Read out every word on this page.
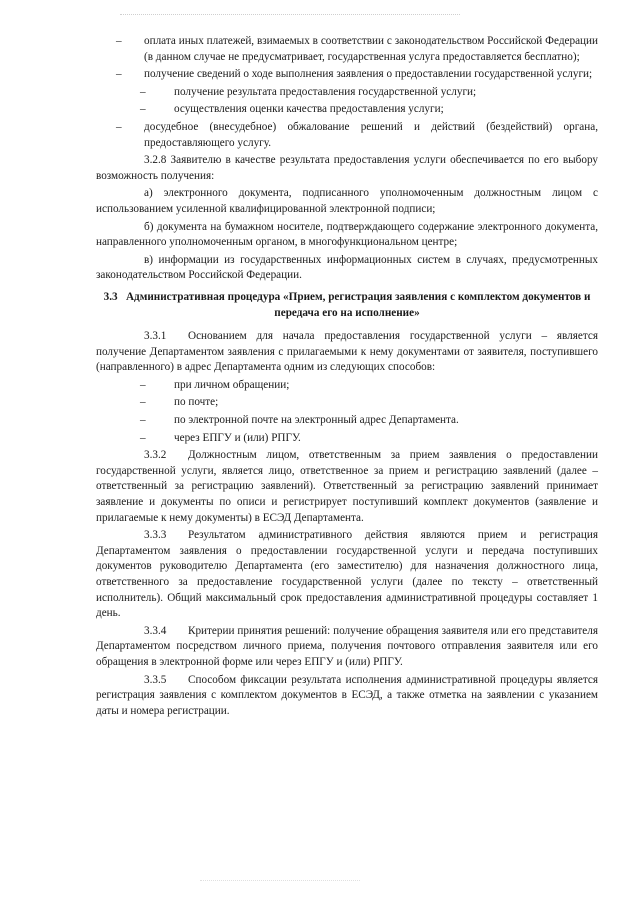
– оплата иных платежей, взимаемых в соответствии с законодательством Российской Федерации (в данном случае не предусматривает, государственная услуга предоставляется бесплатно);

– получение сведений о ходе выполнения заявления о предоставлении государственной услуги;

– получение результата предоставления государственной услуги;

– осуществления оценки качества предоставления услуги;

– досудебное (внесудебное) обжалование решений и действий (бездействий) органа, предоставляющего услугу.

3.2.8 Заявителю в качестве результата предоставления услуги обеспечивается по его выбору возможность получения:

а) электронного документа, подписанного уполномоченным должностным лицом с использованием усиленной квалифицированной электронной подписи;

б) документа на бумажном носителе, подтверждающего содержание электронного документа, направленного уполномоченным органом, в многофункциональном центре;

в) информации из государственных информационных систем в случаях, предусмотренных законодательством Российской Федерации.

3.3 Административная процедура «Прием, регистрация заявления с комплектом документов и передача его на исполнение»

3.3.1 Основанием для начала предоставления государственной услуги – является получение Департаментом заявления с прилагаемыми к нему документами от заявителя, поступившего (направленного) в адрес Департамента одним из следующих способов:

– при личном обращении;

– по почте;

– по электронной почте на электронный адрес Департамента.

– через ЕПГУ и (или) РПГУ.

3.3.2 Должностным лицом, ответственным за прием заявления о предоставлении государственной услуги, является лицо, ответственное за прием и регистрацию заявлений (далее – ответственный за регистрацию заявлений). Ответственный за регистрацию заявлений принимает заявление и документы по описи и регистрирует поступивший комплект документов (заявление и прилагаемые к нему документы) в ЕСЭД Департамента.

3.3.3 Результатом административного действия являются прием и регистрация Департаментом заявления о предоставлении государственной услуги и передача поступивших документов руководителю Департамента (его заместителю) для назначения должностного лица, ответственного за предоставление государственной услуги (далее по тексту – ответственный исполнитель). Общий максимальный срок предоставления административной процедуры составляет 1 день.

3.3.4 Критерии принятия решений: получение обращения заявителя или его представителя Департаментом посредством личного приема, получения почтового отправления заявителя или его обращения в электронной форме или через ЕПГУ и (или) РПГУ.

3.3.5 Способом фиксации результата исполнения административной процедуры является регистрация заявления с комплектом документов в ЕСЭД, а также отметка на заявлении с указанием даты и номера регистрации.
